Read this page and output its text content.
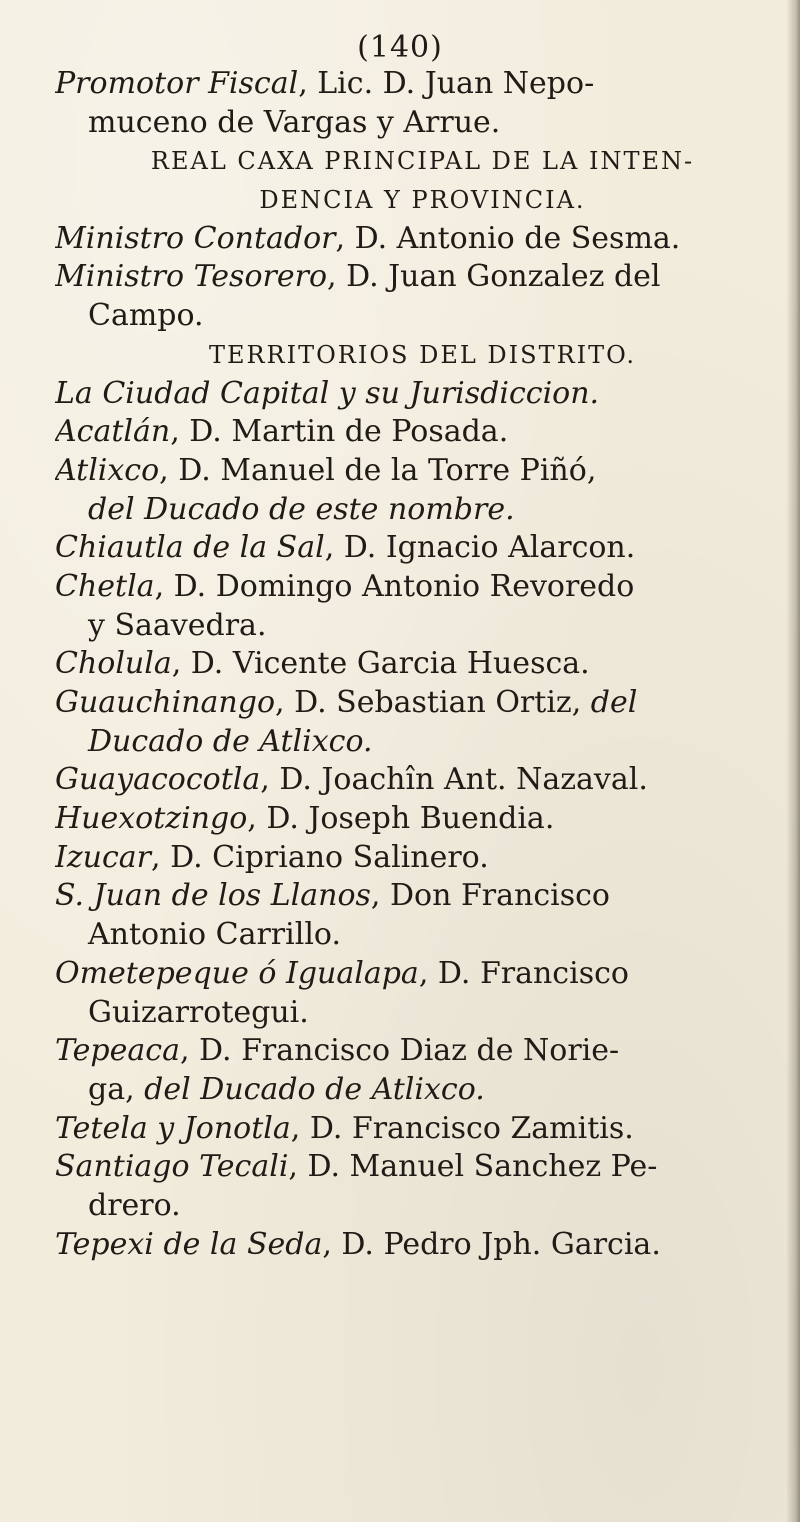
(140)
Promotor Fiscal, Lic. D. Juan Nepo-
muceno de Vargas y Arrue.
REAL CAXA PRINCIPAL DE LA INTEN-
DENCIA Y PROVINCIA.
Ministro Contador, D. Antonio de Sesma.
Ministro Tesorero, D. Juan Gonzalez del
Campo.
TERRITORIOS DEL DISTRITO.
La Ciudad Capital y su Jurisdiccion.
Acatlán, D. Martin de Posada.
Atlixco, D. Manuel de la Torre Piñó,
del Ducado de este nombre.
Chiautla de la Sal, D. Ignacio Alarcon.
Chetla, D. Domingo Antonio Revoredo
y Saavedra.
Cholula, D. Vicente Garcia Huesca.
Guauchinango, D. Sebastian Ortiz, del
Ducado de Atlixco.
Guayacocotla, D. Joachîn Ant. Nazaval.
Huexotzingo, D. Joseph Buendia.
Izucar, D. Cipriano Salinero.
S. Juan de los Llanos, Don Francisco
Antonio Carrillo.
Ometepeque ó Igualapa, D. Francisco
Guizarrotegui.
Tepeaca, D. Francisco Diaz de Norie-
ga, del Ducado de Atlixco.
Tetela y Jonotla, D. Francisco Zamitis.
Santiago Tecali, D. Manuel Sanchez Pe-
drero.
Tepexi de la Seda, D. Pedro Jph. Garcia.
